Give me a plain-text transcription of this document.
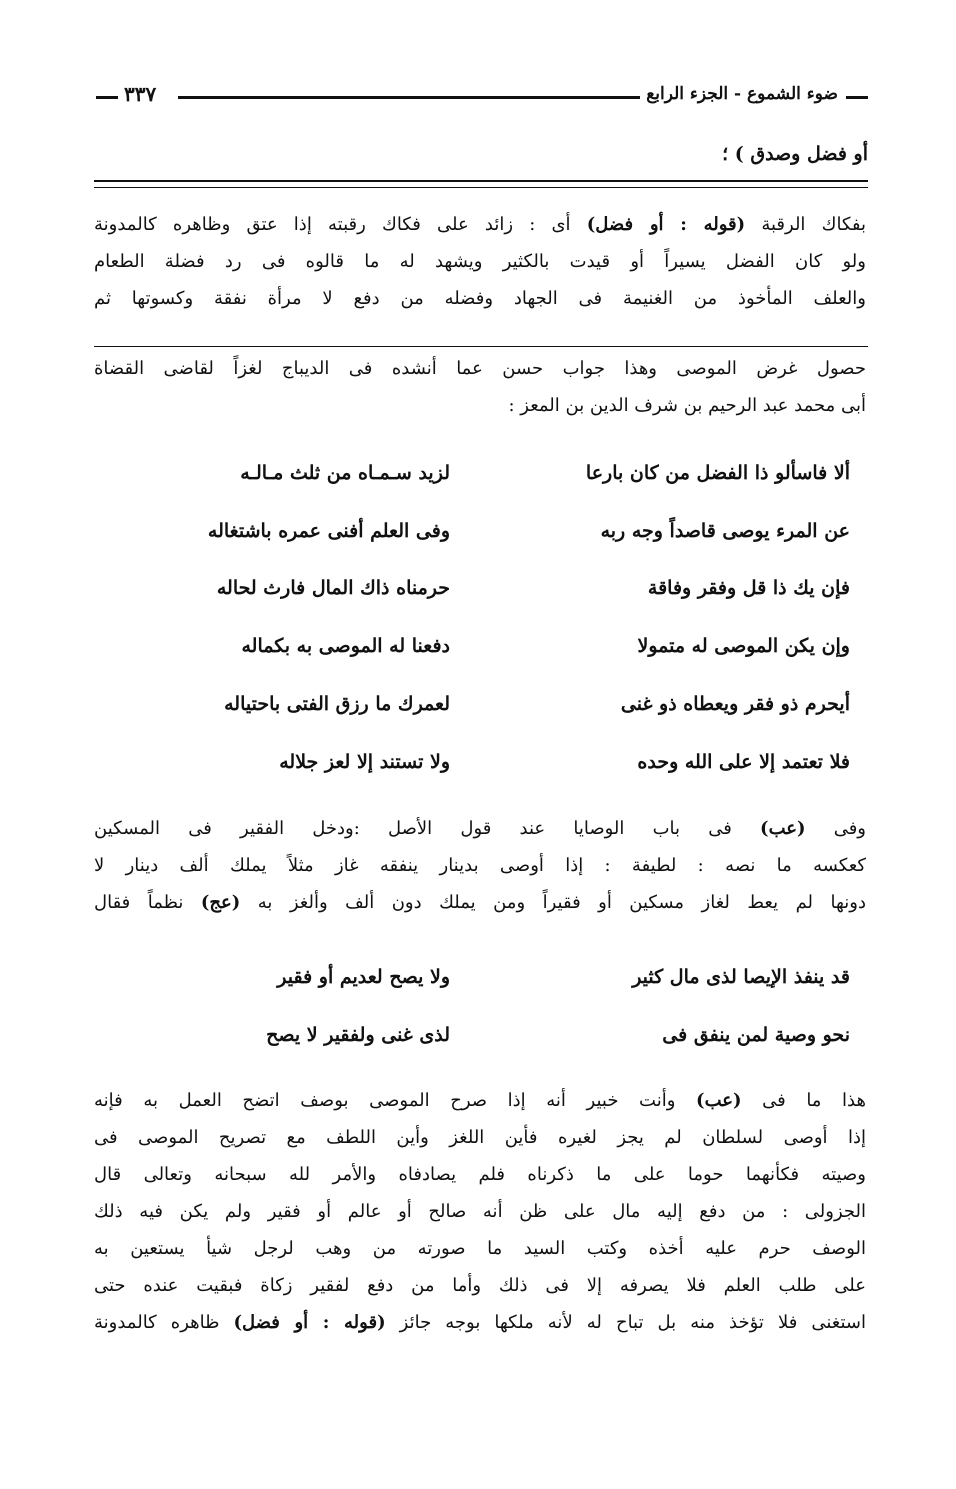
ضوء الشموع - الجزء الرابع
٣٣٧
أو فضل وصدق ) ؛
بفكاك الرقبة (قوله : أو فضل) أى : زائد على فكاك رقبته إذا عتق وظاهره كالمدونة
ولو كان الفضل يسيراً أو قيدت بالكثير ويشهد له ما قالوه فى رد فضلة الطعام
والعلف المأخوذ من الغنيمة فى الجهاد وفضله من دفع لا مرأة نفقة وكسوتها ثم
حصول غرض الموصى وهذا جواب حسن عما أنشده فى الديباج لغزاً لقاضى القضاة
أبى محمد عبد الرحيم بن شرف الدين بن المعز :
ألا فاسألو ذا الفضل من كان بارعا
لزيد سـمـاه من ثلث مـالـه
عن المرء يوصى قاصداً وجه ربه
وفى العلم أفنى عمره باشتغاله
فإن يك ذا قل وفقر وفاقة
حرمناه ذاك المال فارث لحاله
وإن يكن الموصى له متمولا
دفعنا له الموصى به بكماله
أيحرم ذو فقر ويعطاه ذو غنى
لعمرك ما رزق الفتى باحتياله
فلا تعتمد إلا على الله وحده
ولا تستند إلا لعز جلاله
وفى (عب) فى باب الوصايا عند قول الأصل :ودخل الفقير فى المسكين
كعكسه ما نصه : لطيفة : إذا أوصى بدينار ينفقه غاز مثلاً يملك ألف دينار لا
دونها لم يعط لغاز مسكين أو فقيراً ومن يملك دون ألف وألغز به (عج) نظماً فقال
قد ينفذ الإيصا لذى مال كثير
ولا يصح لعديم أو فقير
نحو وصية لمن ينفق فى
لذى غنى ولفقير لا يصح
هذا ما فى (عب) وأنت خبير أنه إذا صرح الموصى بوصف اتضح العمل به فإنه
إذا أوصى لسلطان لم يجز لغيره فأين اللغز وأين اللطف مع تصريح الموصى فى
وصيته فكأنهما حوما على ما ذكرناه فلم يصادفاه والأمر لله سبحانه وتعالى قال
الجزولى : من دفع إليه مال على ظن أنه صالح أو عالم أو فقير ولم يكن فيه ذلك
الوصف حرم عليه أخذه وكتب السيد ما صورته من وهب لرجل شيأ يستعين به
على طلب العلم فلا يصرفه إلا فى ذلك وأما من دفع لفقير زكاة فبقيت عنده حتى
استغنى فلا تؤخذ منه بل تباح له لأنه ملكها بوجه جائز (قوله : أو فضل) ظاهره كالمدونة
